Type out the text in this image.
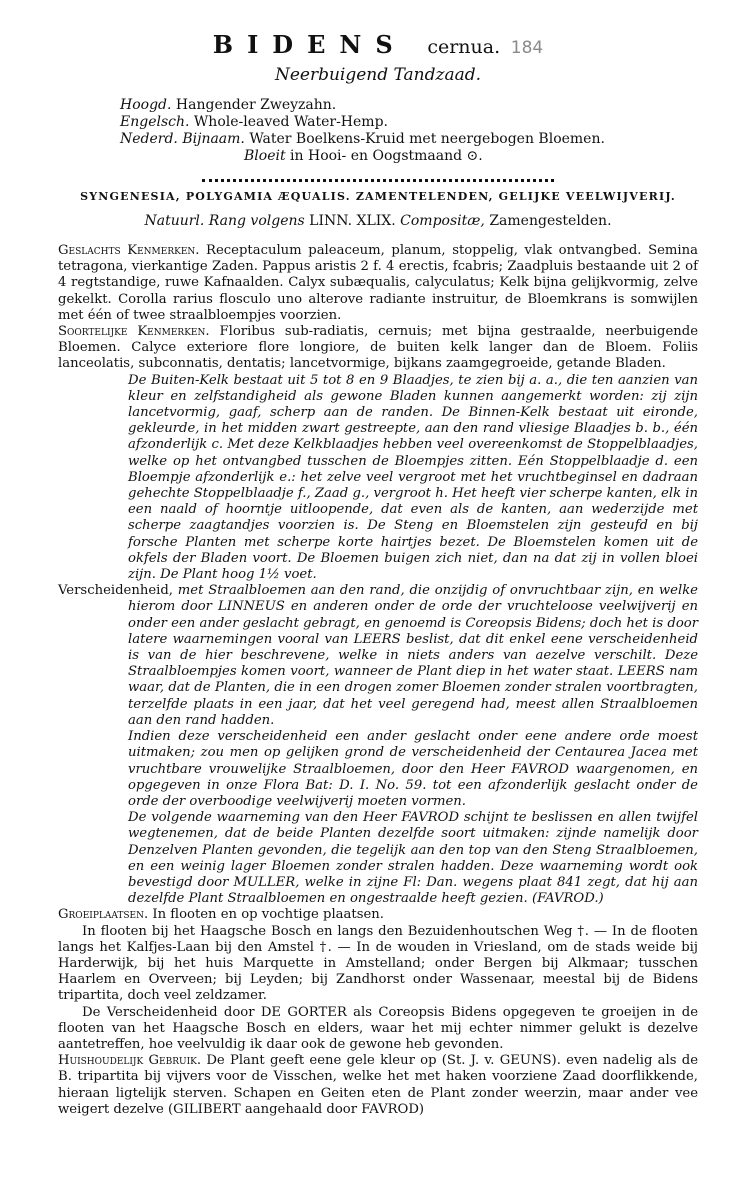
BIDENS cernua. 184
Neerbuigend Tandzaad.
Hoogd. Hangender Zweyzahn.
Engelsch. Whole-leaved Water-Hemp.
Nederd. Bijnaam. Water Boelkens-Kruid met neergebogen Bloemen.
Bloeit in Hooi- en Oogstmaand ⊙.
SYNGENESIA, POLYGAMIA ÆQUALIS. ZAMENTELENDEN, GELIJKE VEELWIJVERIJ.
Natuurl. Rang volgens LINN. XLIX. Compositæ, Zamengestelden.

Geslachts Kenmerken. Receptaculum paleaceum, planum, stoppelig, vlak ontvangbed. Semina tetragona, vierkantige Zaden. Pappus aristis 2 f. 4 erectis, fcabris; Zaadpluis bestaande uit 2 of 4 regtstandige, ruwe Kafnaalden. Calyx subæqualis, calyculatus; Kelk bijna gelijkvormig, zelve gekelkt. Corolla rarius flosculo uno alterove radiante instruitur, de Bloemkrans is somwijlen met één of twee straalbloempjes voorzien.

Soortelijke Kenmerken. Floribus sub-radiatis, cernuis; met bijna gestraalde, neerbuigende Bloemen. Calyce exteriore flore longiore, de buiten kelk langer dan de Bloem. Foliis lanceolatis, subconnatis, dentatis; lancetvormige, bijkans zaamgegroeide, getande Bladen.

De Buiten-Kelk bestaat uit 5 tot 8 en 9 Blaadjes, te zien bij a. a., die ten aanzien van kleur en zelfstandigheid als gewone Bladen kunnen aangemerkt worden: zij zijn lancetvormig, gaaf, scherp aan de randen. De Binnen-Kelk bestaat uit eironde, gekleurde, in het midden zwart gestreepte, aan den rand vliesige Blaadjes b. b., één afzonderlijk c. Met deze Kelkblaadjes hebben veel overeenkomst de Stoppelblaadjes, welke op het ontvangbed tusschen de Bloempjes zitten. Eén Stoppelblaadje d. een Bloempje afzonderlijk e.: het zelve veel vergroot met het vruchtbeginsel en dadraan gehechte Stoppelblaadje f., Zaad g., vergroot h. Het heeft vier scherpe kanten, elk in een naald of hoorntje uitloopende, dat even als de kanten, aan wederzijde met scherpe zaagtandjes voorzien is. De Steng en Bloemstelen zijn gesteufd en bij forsche Planten met scherpe korte hairtjes bezet. De Bloemstelen komen uit de okfels der Bladen voort. De Bloemen buigen zich niet, dan na dat zij in vollen bloei zijn. De Plant hoog 1½ voet.

Verscheidenheid, met Straalbloemen aan den rand, die onzijdig of onvruchtbaar zijn, en welke hierom door LINNEUS en anderen onder de orde der vruchteloose veelwijverij en onder een ander geslacht gebragt, en genoemd is Coreopsis Bidens; doch het is door latere waarnemingen vooral van LEERS beslist, dat dit enkel eene verscheidenheid is van de hier beschrevene, welke in niets anders van aezelve verschilt. Deze Straalbloempjes komen voort, wanneer de Plant diep in het water staat. LEERS nam waar, dat de Planten, die in een drogen zomer Bloemen zonder stralen voortbragten, terzelfde plaats in een jaar, dat het veel geregend had, meest allen Straalbloemen aan den rand hadden.

Indien deze verscheidenheid een ander geslacht onder eene andere orde moest uitmaken; zou men op gelijken grond de verscheidenheid der Centaurea Jacea met vruchtbare vrouwelijke Straalbloemen, door den Heer FAVROD waargenomen, en opgegeven in onze Flora Bat: D. I. No. 59. tot een afzonderlijk geslacht onder de orde der overboodige veelwijverij moeten vormen.

De volgende waarneming van den Heer FAVROD schijnt te beslissen en allen twijfel wegtenemen, dat de beide Planten dezelfde soort uitmaken: zijnde namelijk door Denzelven Planten gevonden, die tegelijk aan den top van den Steng Straalbloemen, en een weinig lager Bloemen zonder stralen hadden. Deze waarneming wordt ook bevestigd door MULLER, welke in zijne Fl: Dan. wegens plaat 841 zegt, dat hij aan dezelfde Plant Straalbloemen en ongestraalde heeft gezien. (FAVROD.)

Groeiplaatsen. In flooten en op vochtige plaatsen.

In flooten bij het Haagsche Bosch en langs den Bezuidenhoutschen Weg †. — In de flooten langs het Kalfjes-Laan bij den Amstel †. — In de wouden in Vriesland, om de stads weide bij Harderwijk, bij het huis Marquette in Amstelland; onder Bergen bij Alkmaar; tusschen Haarlem en Overveen; bij Leyden; bij Zandhorst onder Wassenaar, meestal bij de Bidens tripartita, doch veel zeldzamer.

De Verscheidenheid door DE GORTER als Coreopsis Bidens opgegeven te groeijen in de flooten van het Haagsche Bosch en elders, waar het mij echter nimmer gelukt is dezelve aantetreffen, hoe veelvuldig ik daar ook de gewone heb gevonden.

Huishoudelijk Gebruik. De Plant geeft eene gele kleur op (St. J. v. GEUNS). even nadelig als de B. tripartita bij vijvers voor de Visschen, welke het met haken voorziene Zaad doorflikkende, hieraan ligtelijk sterven. Schapen en Geiten eten de Plant zonder weerzin, maar ander vee weigert dezelve (GILIBERT aangehaald door FAVROD)
